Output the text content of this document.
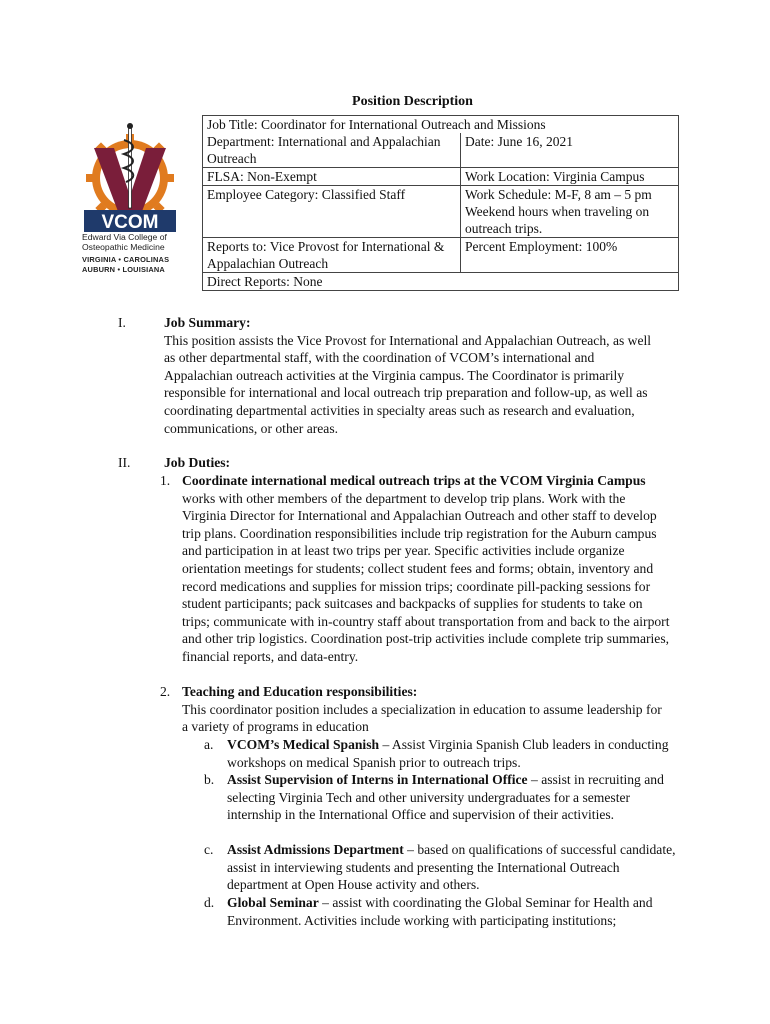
VCOM
Edward Via College of
Osteopathic Medicine
VIRGINIA • CAROLINAS
AUBURN • LOUISIANA
Position Description
Job Title: Coordinator for International Outreach and Missions	
Department: International and Appalachian Outreach	Date: June 16, 2021
FLSA: Non-Exempt	Work Location: Virginia Campus
Employee Category: Classified Staff	Work Schedule: M-F, 8 am – 5 pm Weekend hours when traveling on outreach trips.
Reports to: Vice Provost for International & Appalachian Outreach	Percent Employment: 100%
Direct Reports: None	
I.	Job Summary:

This position assists the Vice Provost for International and Appalachian Outreach, as well as other departmental staff, with the coordination of VCOM’s international and Appalachian outreach activities at the Virginia campus. The Coordinator is primarily responsible for international and local outreach trip preparation and follow-up, as well as coordinating departmental activities in specialty areas such as research and evaluation, communications, or other areas.

II. Job Duties:
1. Coordinate international medical outreach trips at the VCOM Virginia Campus works with other members of the department to develop trip plans. Work with the Virginia Director for International and Appalachian Outreach and other staff to develop trip plans. Coordination responsibilities include trip registration for the Auburn campus and participation in at least two trips per year. Specific activities include organize orientation meetings for students; collect student fees and forms; obtain, inventory and record medications and supplies for mission trips; coordinate pill-packing sessions for student participants; pack suitcases and backpacks of supplies for students to take on trips; communicate with in-country staff about transportation from and back to the airport and other trip logistics. Coordination post-trip activities include complete trip summaries, financial reports, and data-entry.

2. Teaching and Education responsibilities:

This coordinator position includes a specialization in education to assume leadership for a variety of programs in education

a. VCOM’s Medical Spanish – Assist Virginia Spanish Club leaders in conducting workshops on medical Spanish prior to outreach trips.

b. Assist Supervision of Interns in International Office – assist in recruiting and selecting Virginia Tech and other university undergraduates for a semester internship in the International Office and supervision of their activities.

c. Assist Admissions Department – based on qualifications of successful candidate, assist in interviewing students and presenting the International Outreach department at Open House activity and others.

d. Global Seminar – assist with coordinating the Global Seminar for Health and Environment. Activities include working with participating institutions;
